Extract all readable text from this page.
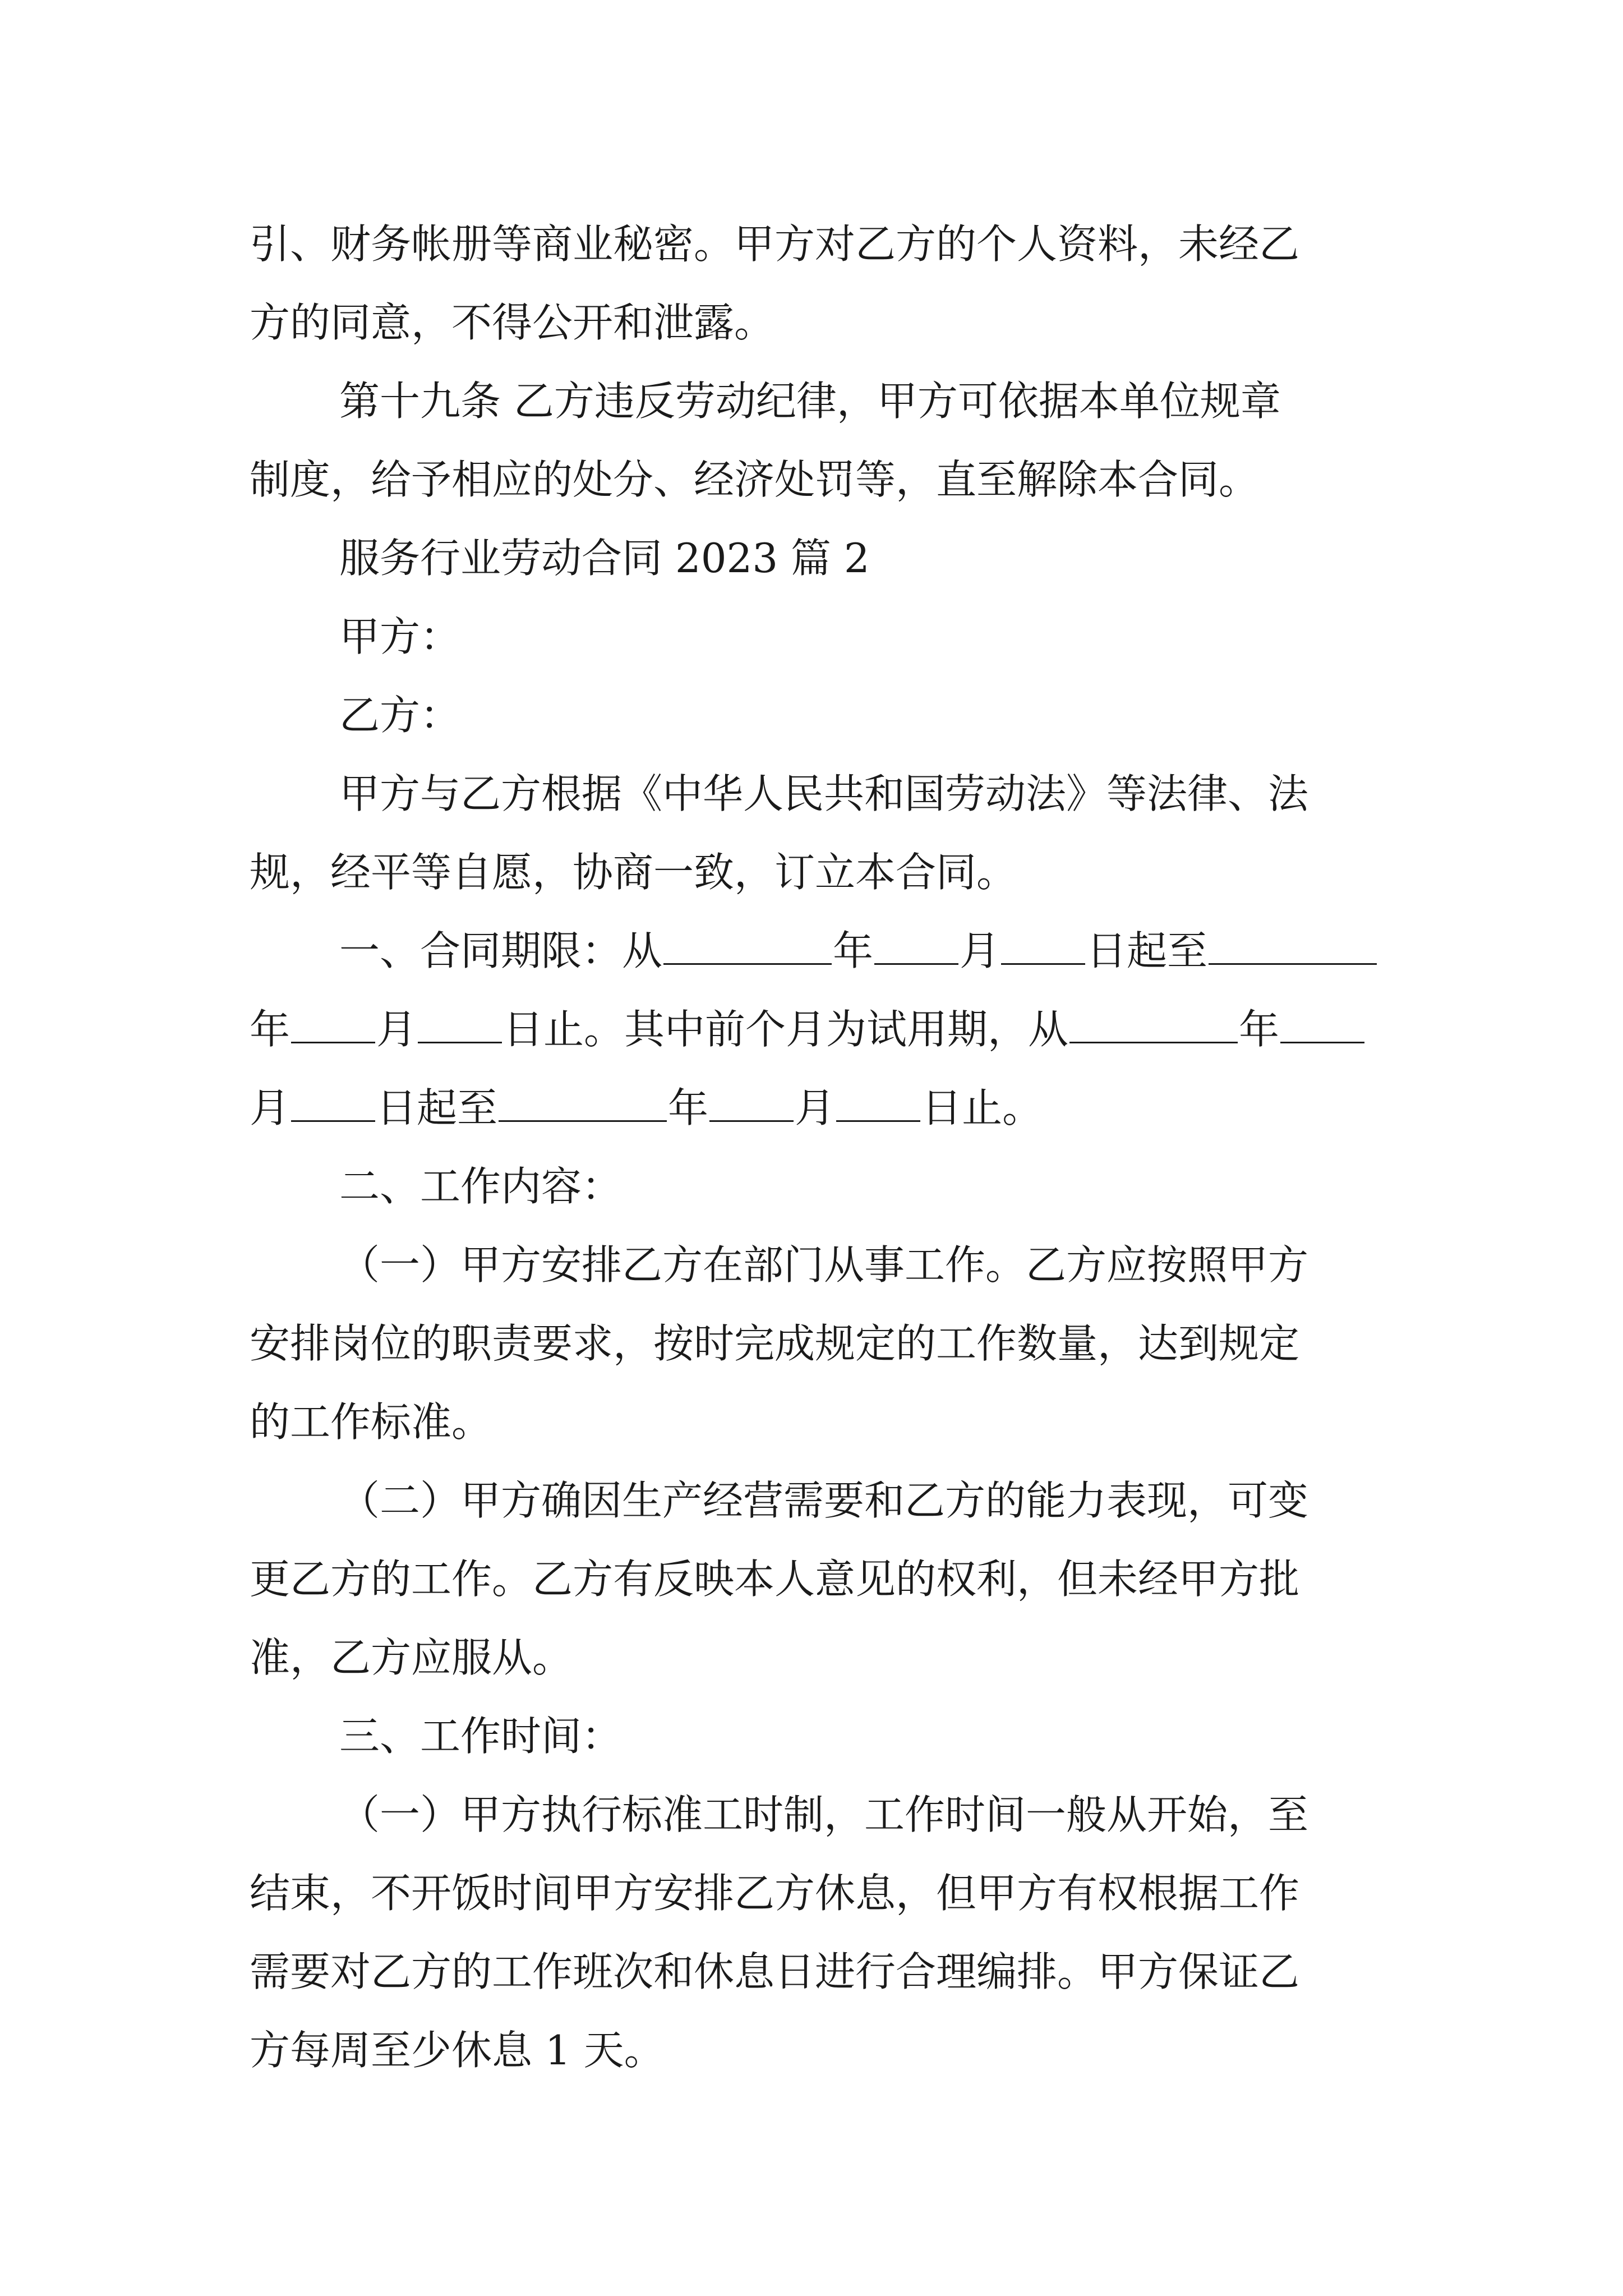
引、财务帐册等商业秘密。甲方对乙方的个人资料，未经乙
方的同意，不得公开和泄露。
第十九条 乙方违反劳动纪律，甲方可依据本单位规章
制度，给予相应的处分、经济处罚等，直至解除本合同。
服务行业劳动合同 2023 篇 2
甲方：
乙方：
甲方与乙方根据《中华人民共和国劳动法》等法律、法
规，经平等自愿，协商一致，订立本合同。
一、合同期限：从	年 月 日起至
年 月 日止。其中前个月为试用期，从	年
月 日起至	年 月 日止。
二、工作内容：
（一）甲方安排乙方在部门从事工作。乙方应按照甲方
安排岗位的职责要求，按时完成规定的工作数量，达到规定
的工作标准。
（二）甲方确因生产经营需要和乙方的能力表现，可变
更乙方的工作。乙方有反映本人意见的权利，但未经甲方批
准，乙方应服从。
三、工作时间：
（一）甲方执行标准工时制，工作时间一般从开始，至
结束，不开饭时间甲方安排乙方休息，但甲方有权根据工作
需要对乙方的工作班次和休息日进行合理编排。甲方保证乙
方每周至少休息 1 天。
